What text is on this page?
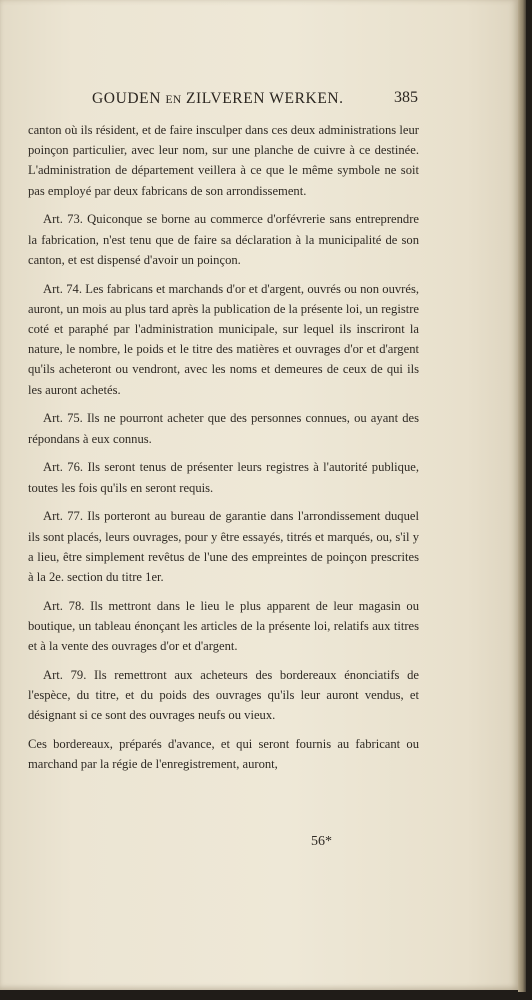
GOUDEN EN ZILVEREN WERKEN.	385

canton où ils résident, et de faire insculper dans ces deux administrations leur poinçon particulier, avec leur nom, sur une planche de cuivre à ce destinée. L'administration de département veillera à ce que le même symbole ne soit pas employé par deux fabricans de son arrondissement.

Art. 73. Quiconque se borne au commerce d'orfévrerie sans entreprendre la fabrication, n'est tenu que de faire sa déclaration à la municipalité de son canton, et est dispensé d'avoir un poinçon.

Art. 74. Les fabricans et marchands d'or et d'argent, ouvrés ou non ouvrés, auront, un mois au plus tard après la publication de la présente loi, un registre coté et paraphé par l'administration municipale, sur lequel ils inscriront la nature, le nombre, le poids et le titre des matières et ouvrages d'or et d'argent qu'ils acheteront ou vendront, avec les noms et demeures de ceux de qui ils les auront achetés.

Art. 75. Ils ne pourront acheter que des personnes connues, ou ayant des répondans à eux connus.

Art. 76. Ils seront tenus de présenter leurs registres à l'autorité publique, toutes les fois qu'ils en seront requis.

Art. 77. Ils porteront au bureau de garantie dans l'arrondissement duquel ils sont placés, leurs ouvrages, pour y être essayés, titrés et marqués, ou, s'il y a lieu, être simplement revêtus de l'une des empreintes de poinçon prescrites à la 2e. section du titre 1er.

Art. 78. Ils mettront dans le lieu le plus apparent de leur magasin ou boutique, un tableau énonçant les articles de la présente loi, relatifs aux titres et à la vente des ouvrages d'or et d'argent.

Art. 79. Ils remettront aux acheteurs des bordereaux énonciatifs de l'espèce, du titre, et du poids des ouvrages qu'ils leur auront vendus, et désignant si ce sont des ouvrages neufs ou vieux.

Ces bordereaux, préparés d'avance, et qui seront fournis au fabricant ou marchand par la régie de l'enregistrement, auront,

56*
